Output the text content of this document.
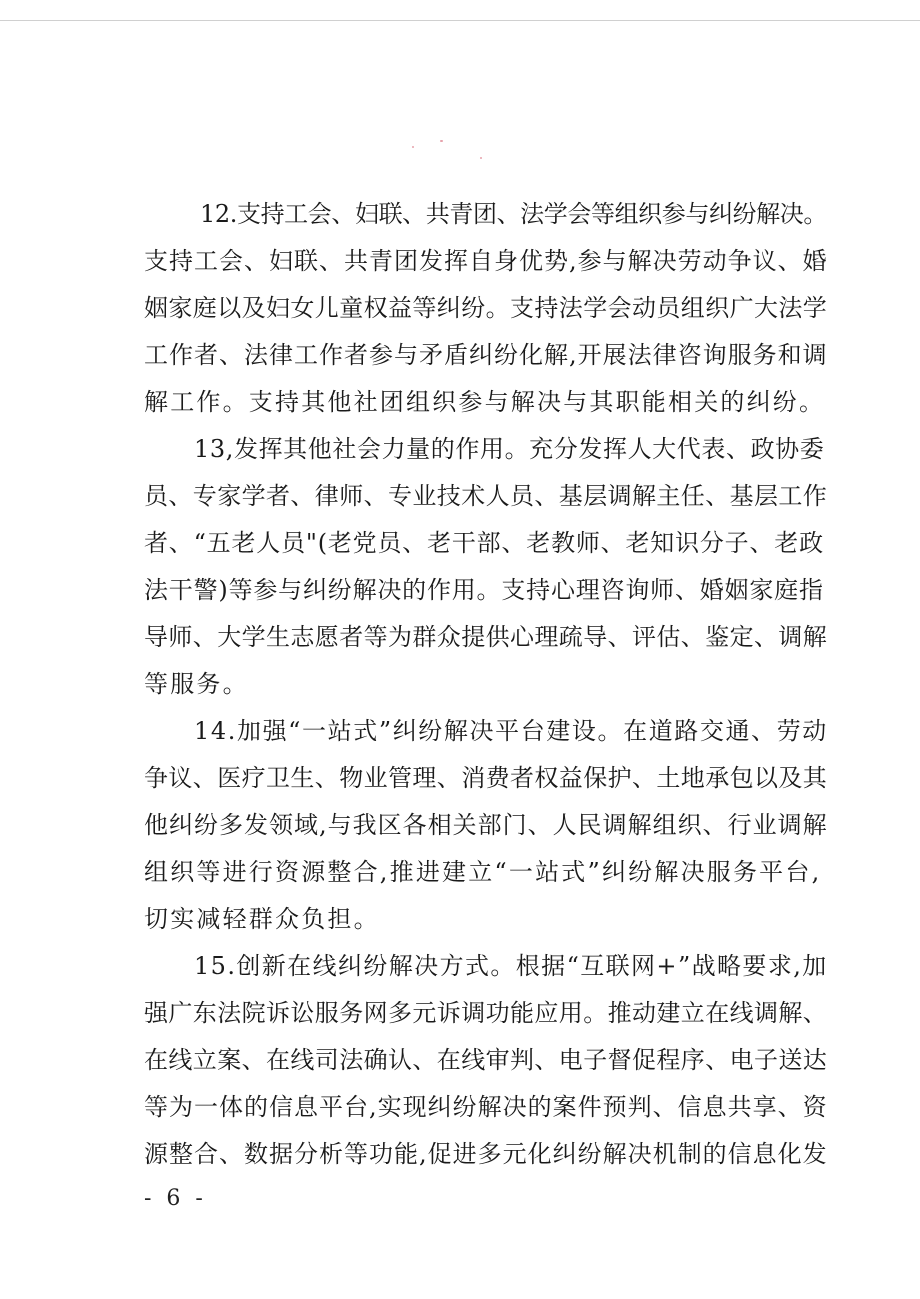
12.支持工会、妇联、共青团、法学会等组织参与纠纷解决。
支持工会、妇联、共青团发挥自身优势,参与解决劳动争议、婚
姻家庭以及妇女儿童权益等纠纷。支持法学会动员组织广大法学
工作者、法律工作者参与矛盾纠纷化解,开展法律咨询服务和调
解工作。支持其他社团组织参与解决与其职能相关的纠纷。
13,发挥其他社会力量的作用。充分发挥人大代表、政协委
员、专家学者、律师、专业技术人员、基层调解主任、基层工作
者、“五老人员"(老党员、老干部、老教师、老知识分子、老政
法干警)等参与纠纷解决的作用。支持心理咨询师、婚姻家庭指
导师、大学生志愿者等为群众提供心理疏导、评估、鉴定、调解
等服务。
14.加强“一站式”纠纷解决平台建设。在道路交通、劳动
争议、医疗卫生、物业管理、消费者权益保护、土地承包以及其
他纠纷多发领域,与我区各相关部门、人民调解组织、行业调解
组织等进行资源整合,推进建立“一站式”纠纷解决服务平台,
切实减轻群众负担。
15.创新在线纠纷解决方式。根据“互联网+”战略要求,加
强广东法院诉讼服务网多元诉调功能应用。推动建立在线调解、
在线立案、在线司法确认、在线审判、电子督促程序、电子送达
等为一体的信息平台,实现纠纷解决的案件预判、信息共享、资
源整合、数据分析等功能,促进多元化纠纷解决机制的信息化发
- 6 -
